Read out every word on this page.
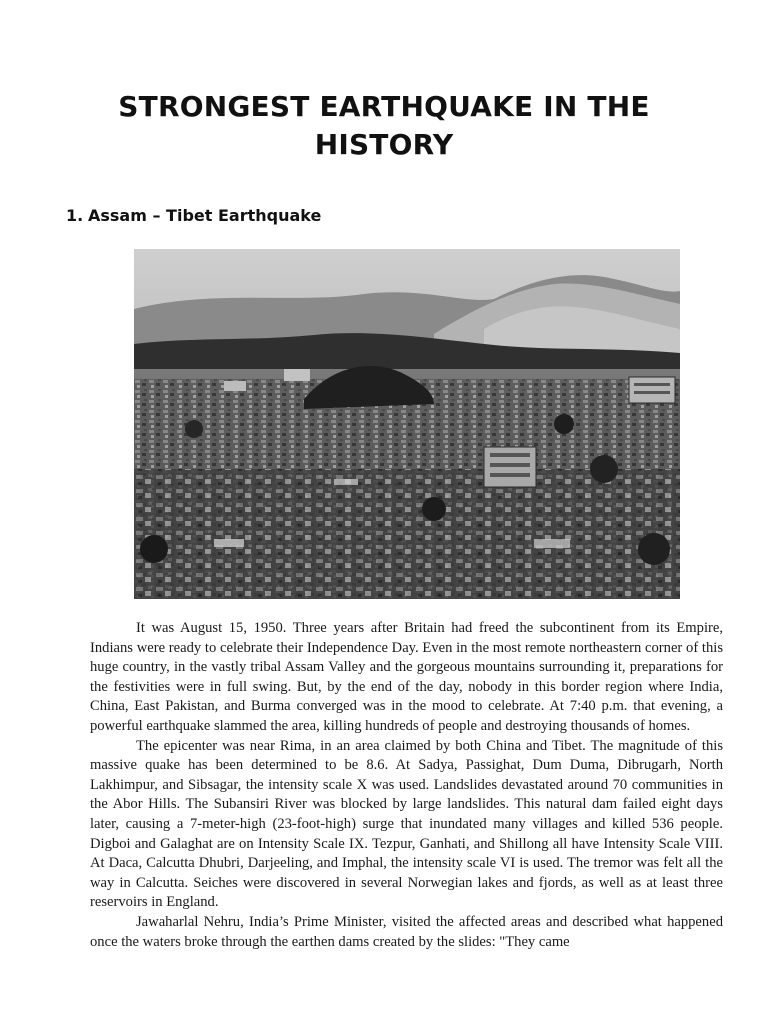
STRONGEST EARTHQUAKE IN THE HISTORY
1. Assam – Tibet Earthquake

It was August 15, 1950. Three years after Britain had freed the subcontinent from its Empire, Indians were ready to celebrate their Independence Day. Even in the most remote northeastern corner of this huge country, in the vastly tribal Assam Valley and the gorgeous mountains surrounding it, preparations for the festivities were in full swing. But, by the end of the day, nobody in this border region where India, China, East Pakistan, and Burma converged was in the mood to celebrate. At 7:40 p.m. that evening, a powerful earthquake slammed the area, killing hundreds of people and destroying thousands of homes.

The epicenter was near Rima, in an area claimed by both China and Tibet. The magnitude of this massive quake has been determined to be 8.6. At Sadya, Passighat, Dum Duma, Dibrugarh, North Lakhimpur, and Sibsagar, the intensity scale X was used. Landslides devastated around 70 communities in the Abor Hills. The Subansiri River was blocked by large landslides. This natural dam failed eight days later, causing a 7-meter-high (23-foot-high) surge that inundated many villages and killed 536 people. Digboi and Galaghat are on Intensity Scale IX. Tezpur, Ganhati, and Shillong all have Intensity Scale VIII. At Daca, Calcutta Dhubri, Darjeeling, and Imphal, the intensity scale VI is used. The tremor was felt all the way in Calcutta. Seiches were discovered in several Norwegian lakes and fjords, as well as at least three reservoirs in England.

Jawaharlal Nehru, India’s Prime Minister, visited the affected areas and described what happened once the waters broke through the earthen dams created by the slides: "They came
